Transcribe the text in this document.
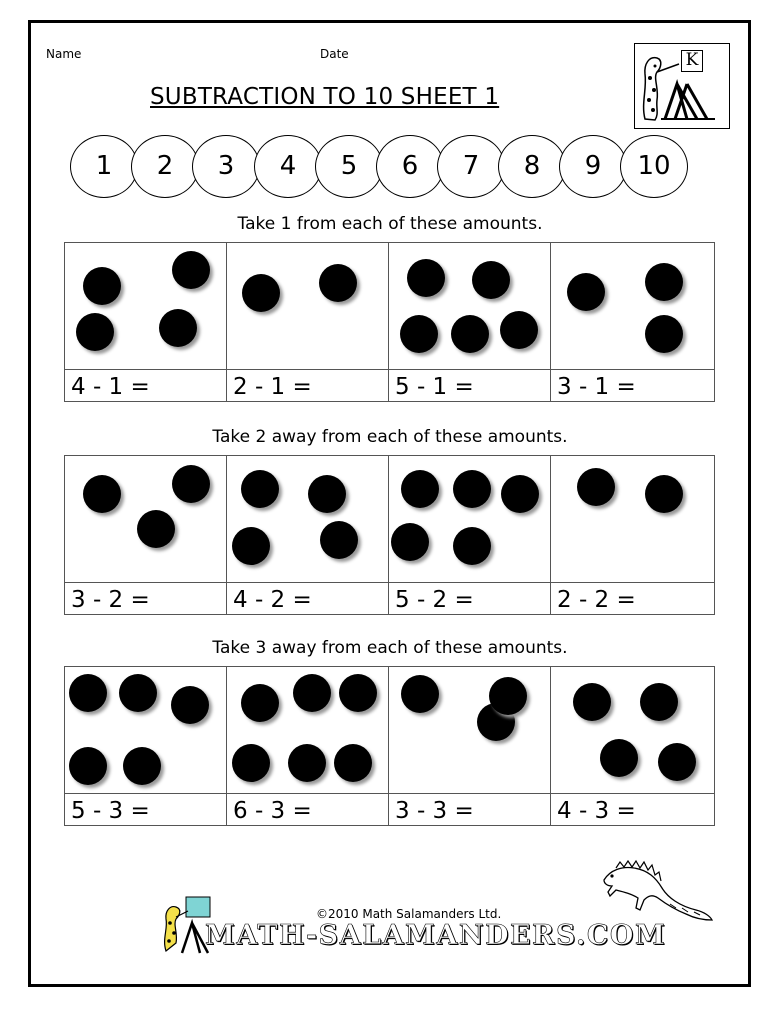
Name	Date
SUBTRACTION TO 10 SHEET 1
K
1	2	3	4	5	6	7	8	9	10
Take 1 from each of these amounts.
4 - 1 =	2 - 1 =	5 - 1 =	3 - 1 =
Take 2 away from each of these amounts.
3 - 2 =	4 - 2 =	5 - 2 =	2 - 2 =
Take 3 away from each of these amounts.
5 - 3 =	6 - 3 =	3 - 3 =	4 - 3 =
©2010 Math Salamanders Ltd.
MATH-SALAMANDERS.COM
